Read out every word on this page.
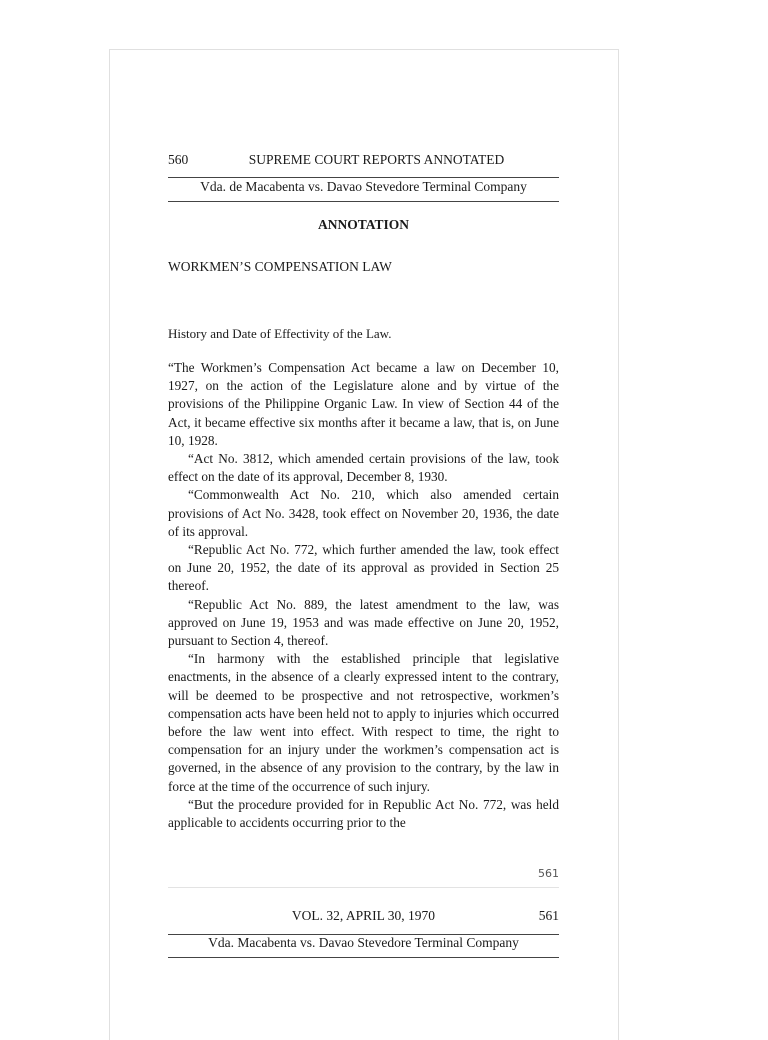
560	SUPREME COURT REPORTS ANNOTATED
Vda. de Macabenta vs. Davao Stevedore Terminal Company
ANNOTATION
WORKMEN’S COMPENSATION LAW
History and Date of Effectivity of the Law.

“The Workmen’s Compensation Act became a law on December 10, 1927, on the action of the Legislature alone and by virtue of the provisions of the Philippine Organic Law. In view of Section 44 of the Act, it became effective six months after it became a law, that is, on June 10, 1928.

“Act No. 3812, which amended certain provisions of the law, took effect on the date of its approval, December 8, 1930.

“Commonwealth Act No. 210, which also amended certain provisions of Act No. 3428, took effect on November 20, 1936, the date of its approval.

“Republic Act No. 772, which further amended the law, took effect on June 20, 1952, the date of its approval as provided in Section 25 thereof.

“Republic Act No. 889, the latest amendment to the law, was approved on June 19, 1953 and was made effective on June 20, 1952, pursuant to Section 4, thereof.

“In harmony with the established principle that legislative enactments, in the absence of a clearly expressed intent to the contrary, will be deemed to be prospective and not retrospective, workmen’s compensation acts have been held not to apply to injuries which occurred before the law went into effect. With respect to time, the right to compensation for an injury under the workmen’s compensation act is governed, in the absence of any provision to the contrary, by the law in force at the time of the occurrence of such injury.

“But the procedure provided for in Republic Act No. 772, was held applicable to accidents occurring prior to the

561
VOL. 32, APRIL 30, 1970	561
Vda. Macabenta vs. Davao Stevedore Terminal Company
